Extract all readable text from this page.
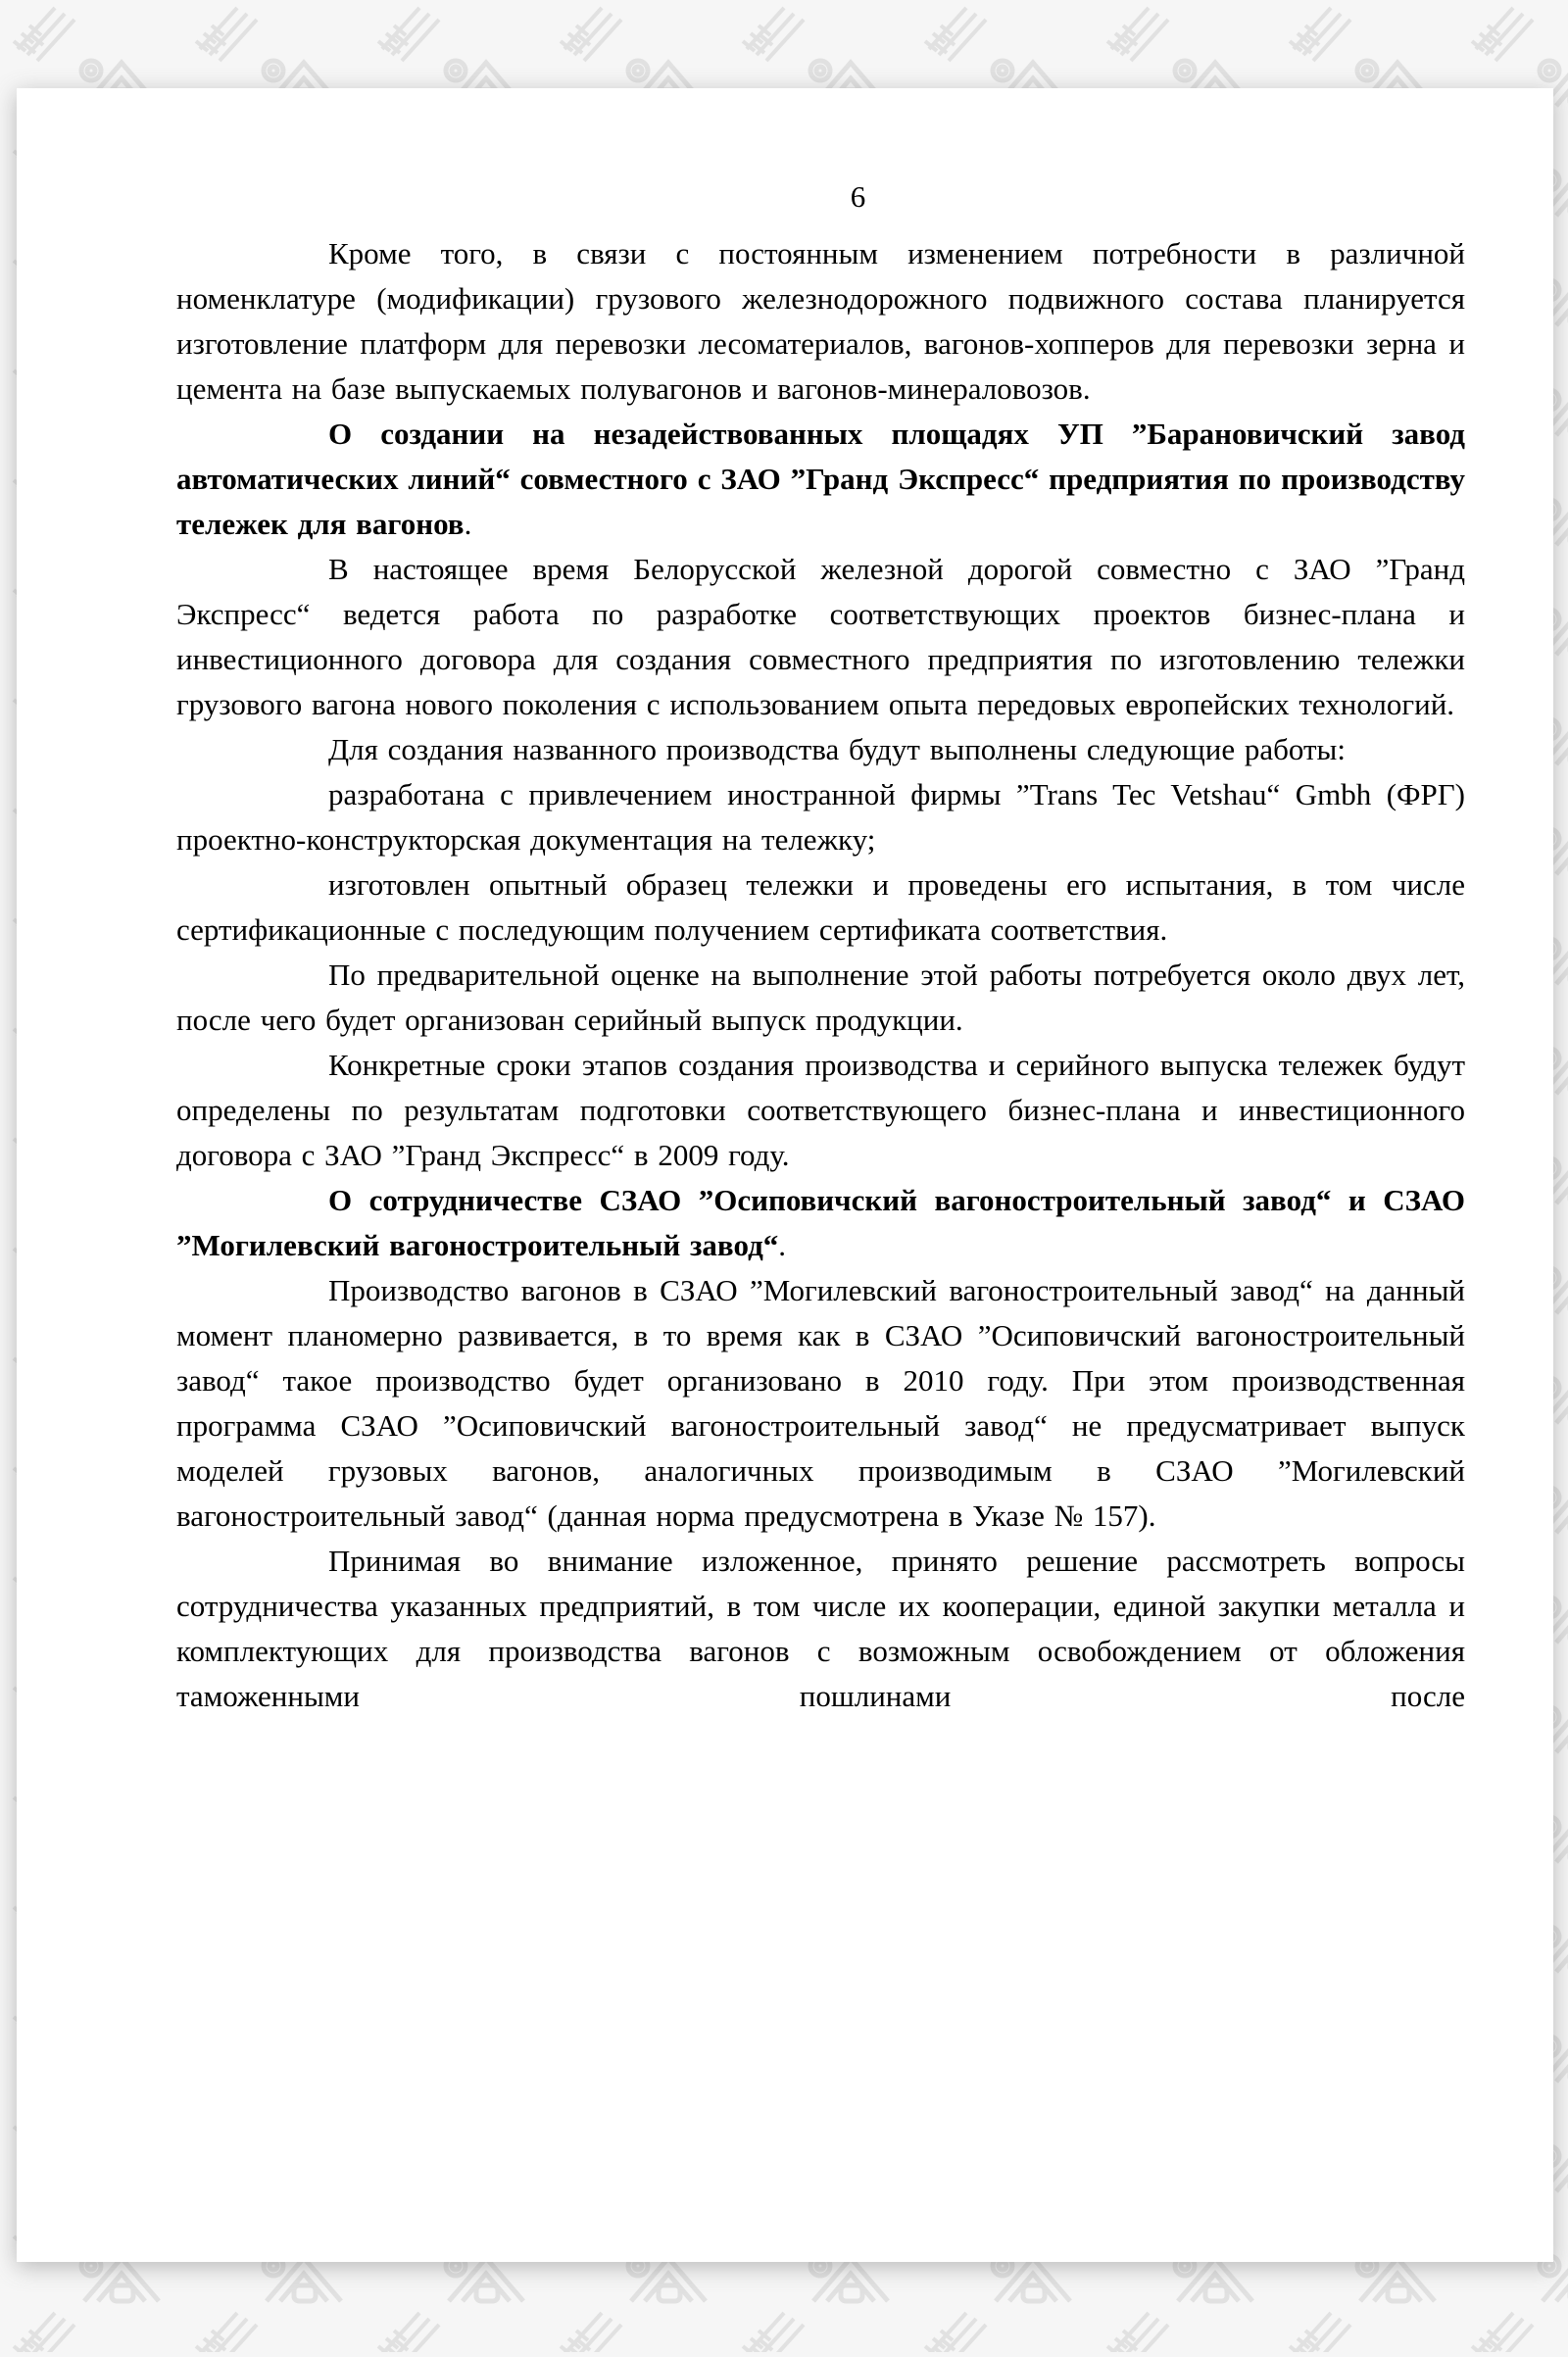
6

Кроме того, в связи с постоянным изменением потребности в различной номенклатуре (модификации) грузового железнодорожного подвижного состава планируется изготовление платформ для перевозки лесоматериалов, вагонов-хопперов для перевозки зерна и цемента на базе выпускаемых полувагонов и вагонов-минераловозов.

О создании на незадействованных площадях УП ”Барановичский завод автоматических линий“ совместного с ЗАО ”Гранд Экспресс“ предприятия по производству тележек для вагонов.

В настоящее время Белорусской железной дорогой совместно с ЗАО ”Гранд Экспресс“ ведется работа по разработке соответствующих проектов бизнес-плана и инвестиционного договора для создания совместного предприятия по изготовлению тележки грузового вагона нового поколения с использованием опыта передовых европейских технологий.

Для создания названного производства будут выполнены следующие работы:

разработана с привлечением иностранной фирмы ”Trans Tec Vetshau“ Gmbh (ФРГ) проектно-конструкторская документация на тележку;

изготовлен опытный образец тележки и проведены его испытания, в том числе сертификационные с последующим получением сертификата соответствия.

По предварительной оценке на выполнение этой работы потребуется около двух лет, после чего будет организован серийный выпуск продукции.

Конкретные сроки этапов создания производства и серийного выпуска тележек будут определены по результатам подготовки соответствующего бизнес-плана и инвестиционного договора с ЗАО ”Гранд Экспресс“ в 2009 году.

О сотрудничестве СЗАО ”Осиповичский вагоностроительный завод“ и СЗАО ”Могилевский вагоностроительный завод“.

Производство вагонов в СЗАО ”Могилевский вагоностроительный завод“ на данный момент планомерно развивается, в то время как в СЗАО ”Осиповичский вагоностроительный завод“ такое производство будет организовано в 2010 году. При этом производственная программа СЗАО ”Осиповичский вагоностроительный завод“ не предусматривает выпуск моделей грузовых вагонов, аналогичных производимым в СЗАО ”Могилевский вагоностроительный завод“ (данная норма предусмотрена в Указе № 157).

Принимая во внимание изложенное, принято решение рассмотреть вопросы сотрудничества указанных предприятий, в том числе их кооперации, единой закупки металла и комплектующих для производства вагонов с возможным освобождением от обложения таможенными пошлинами после
